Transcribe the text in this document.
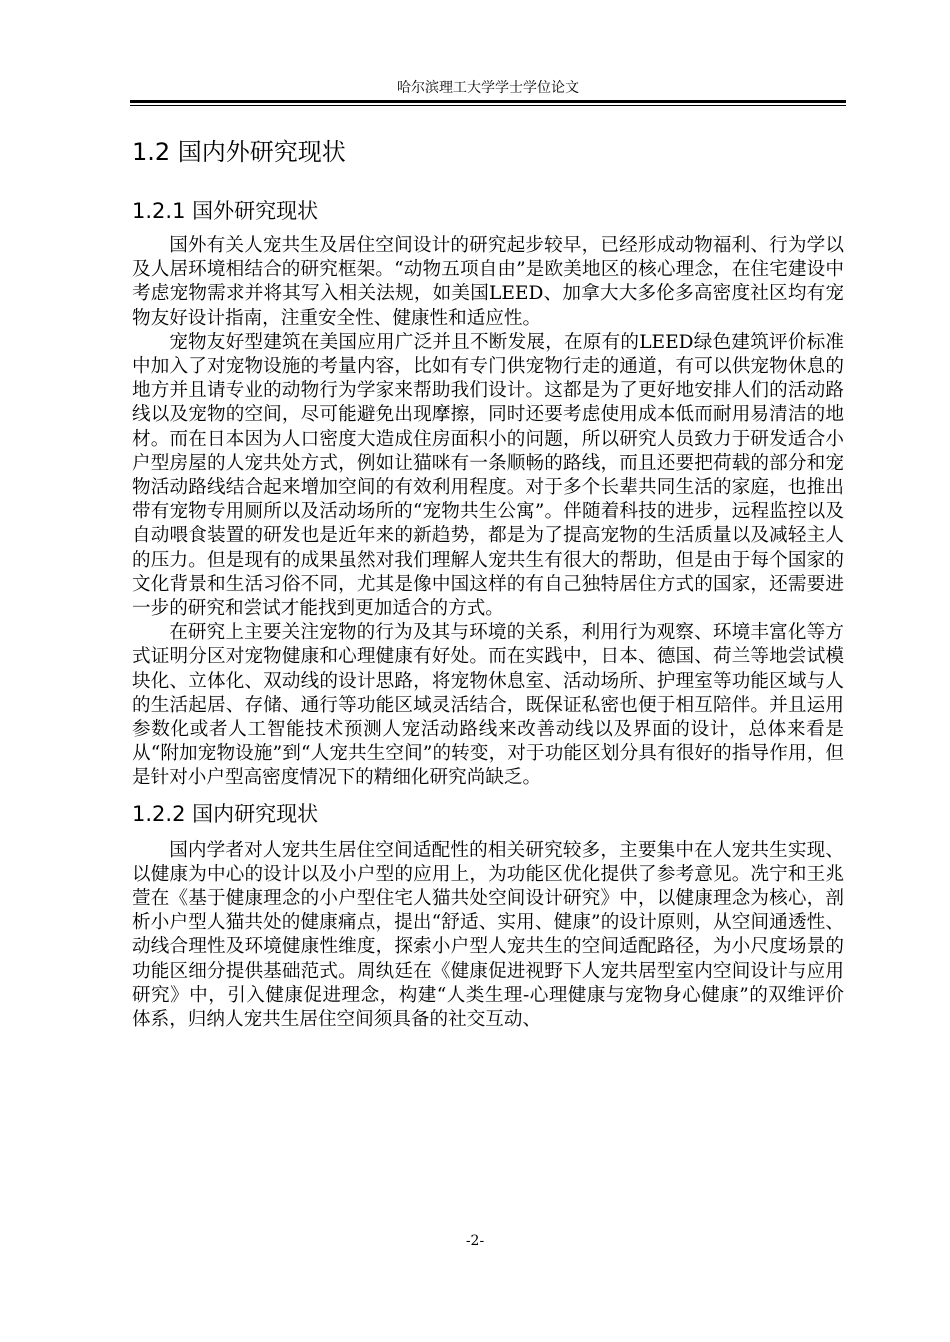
哈尔滨理工大学学士学位论文
1.2 国内外研究现状
1.2.1 国外研究现状

国外有关人宠共生及居住空间设计的研究起步较早，已经形成动物福利、行为学以及人居环境相结合的研究框架。“动物五项自由”是欧美地区的核心理念，在住宅建设中考虑宠物需求并将其写入相关法规，如美国LEED、加拿大大多伦多高密度社区均有宠物友好设计指南，注重安全性、健康性和适应性。

宠物友好型建筑在美国应用广泛并且不断发展，在原有的LEED绿色建筑评价标准中加入了对宠物设施的考量内容，比如有专门供宠物行走的通道，有可以供宠物休息的地方并且请专业的动物行为学家来帮助我们设计。这都是为了更好地安排人们的活动路线以及宠物的空间，尽可能避免出现摩擦，同时还要考虑使用成本低而耐用易清洁的地材。而在日本因为人口密度大造成住房面积小的问题，所以研究人员致力于研发适合小户型房屋的人宠共处方式，例如让猫咪有一条顺畅的路线，而且还要把荷载的部分和宠物活动路线结合起来增加空间的有效利用程度。对于多个长辈共同生活的家庭，也推出带有宠物专用厕所以及活动场所的“宠物共生公寓”。伴随着科技的进步，远程监控以及自动喂食装置的研发也是近年来的新趋势，都是为了提高宠物的生活质量以及减轻主人的压力。但是现有的成果虽然对我们理解人宠共生有很大的帮助，但是由于每个国家的文化背景和生活习俗不同，尤其是像中国这样的有自己独特居住方式的国家，还需要进一步的研究和尝试才能找到更加适合的方式。

在研究上主要关注宠物的行为及其与环境的关系，利用行为观察、环境丰富化等方式证明分区对宠物健康和心理健康有好处。而在实践中，日本、德国、荷兰等地尝试模块化、立体化、双动线的设计思路，将宠物休息室、活动场所、护理室等功能区域与人的生活起居、存储、通行等功能区域灵活结合，既保证私密也便于相互陪伴。并且运用参数化或者人工智能技术预测人宠活动路线来改善动线以及界面的设计，总体来看是从“附加宠物设施”到“人宠共生空间”的转变，对于功能区划分具有很好的指导作用，但是针对小户型高密度情况下的精细化研究尚缺乏。

1.2.2 国内研究现状

国内学者对人宠共生居住空间适配性的相关研究较多，主要集中在人宠共生实现、以健康为中心的设计以及小户型的应用上，为功能区优化提供了参考意见。冼宁和王兆萱在《基于健康理念的小户型住宅人猫共处空间设计研究》中，以健康理念为核心，剖析小户型人猫共处的健康痛点，提出“舒适、实用、健康”的设计原则，从空间通透性、动线合理性及环境健康性维度，探索小户型人宠共生的空间适配路径，为小尺度场景的功能区细分提供基础范式。周纨廷在《健康促进视野下人宠共居型室内空间设计与应用研究》中，引入健康促进理念，构建“人类生理-心理健康与宠物身心健康”的双维评价体系，归纳人宠共生居住空间须具备的社交互动、

-2-
